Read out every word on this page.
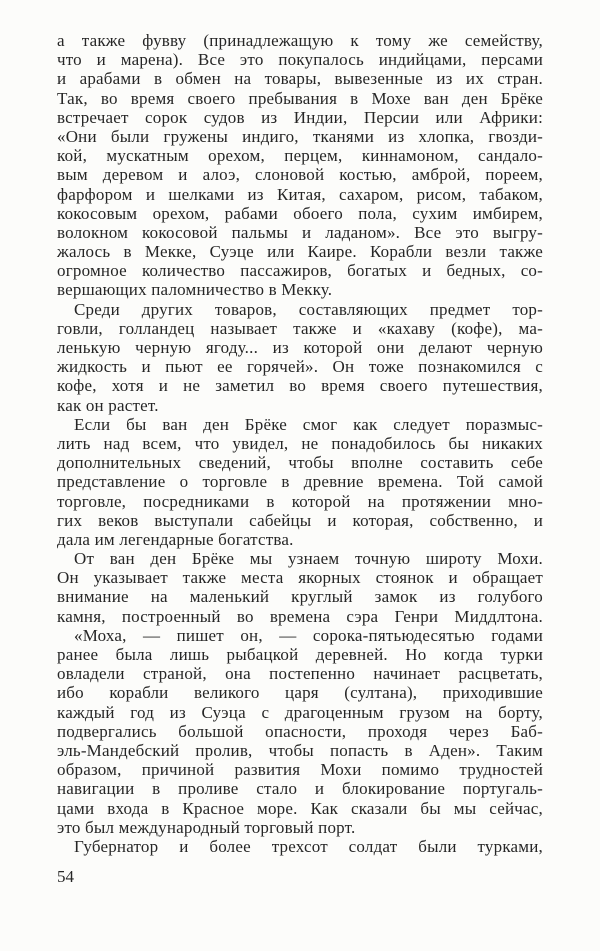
а также фувву (принадлежащую к тому же семейству,
что и марена). Все это покупалось индийцами, персами
и арабами в обмен на товары, вывезенные из их стран.
Так, во время своего пребывания в Мохе ван ден Брёке
встречает сорок судов из Индии, Персии или Африки:
«Они были гружены индиго, тканями из хлопка, гвозди-
кой, мускатным орехом, перцем, киннамоном, сандало-
вым деревом и алоэ, слоновой костью, амброй, пореем,
фарфором и шелками из Китая, сахаром, рисом, табаком,
кокосовым орехом, рабами обоего пола, сухим имбирем,
волокном кокосовой пальмы и ладаном». Все это выгру-
жалось в Мекке, Суэце или Каире. Корабли везли также
огромное количество пассажиров, богатых и бедных, со-
вершающих паломничество в Мекку.
Среди других товаров, составляющих предмет тор-
говли, голландец называет также и «кахаву (кофе), ма-
ленькую черную ягоду... из которой они делают черную
жидкость и пьют ее горячей». Он тоже познакомился с
кофе, хотя и не заметил во время своего путешествия,
как он растет.
Если бы ван ден Брёке смог как следует поразмыс-
лить над всем, что увидел, не понадобилось бы никаких
дополнительных сведений, чтобы вполне составить себе
представление о торговле в древние времена. Той самой
торговле, посредниками в которой на протяжении мно-
гих веков выступали сабейцы и которая, собственно, и
дала им легендарные богатства.
От ван ден Брёке мы узнаем точную широту Мохи.
Он указывает также места якорных стоянок и обращает
внимание на маленький круглый замок из голубого
камня, построенный во времена сэра Генри Миддлтона.
«Моха, — пишет он, — сорока-пятьюдесятью годами
ранее была лишь рыбацкой деревней. Но когда турки
овладели страной, она постепенно начинает расцветать,
ибо корабли великого царя (султана), приходившие
каждый год из Суэца с драгоценным грузом на борту,
подвергались большой опасности, проходя через Баб-
эль-Мандебский пролив, чтобы попасть в Аден». Таким
образом, причиной развития Мохи помимо трудностей
навигации в проливе стало и блокирование португаль-
цами входа в Красное море. Как сказали бы мы сейчас,
это был международный торговый порт.
Губернатор и более трехсот солдат были турками,
54
